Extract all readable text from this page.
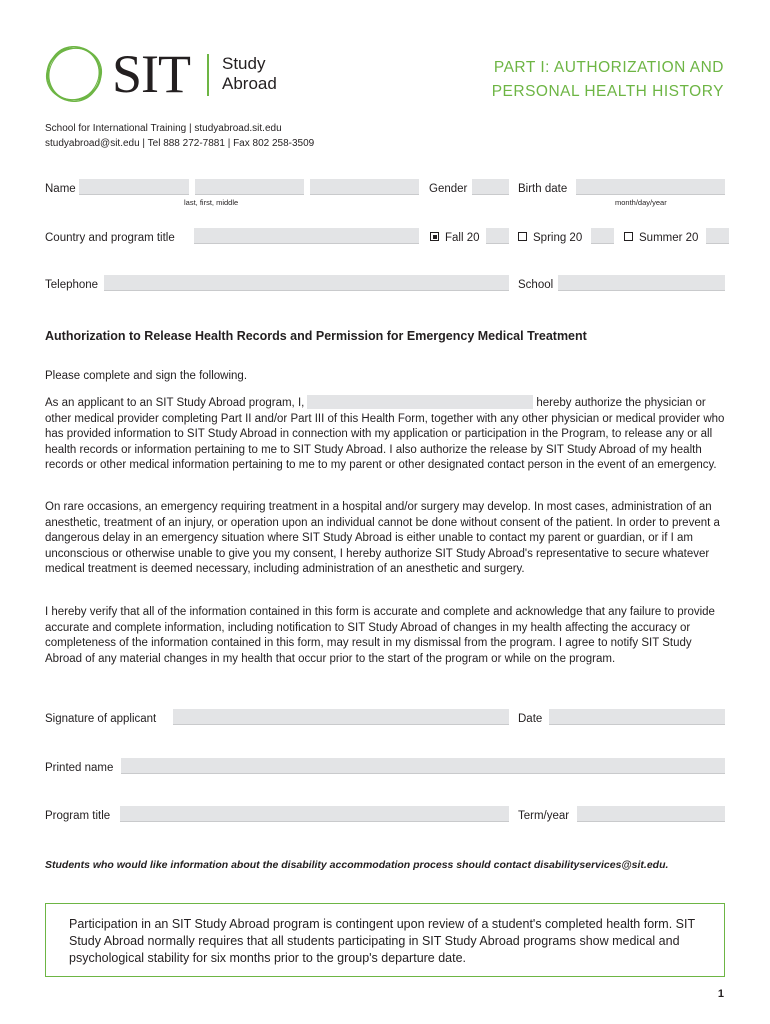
SIT Study
Abroad
PART I: AUTHORIZATION AND
PERSONAL HEALTH HISTORY
School for International Training | studyabroad.sit.edu
studyabroad@sit.edu | Tel 888 272-7881 | Fax 802 258-3509
Name
last, first, middle
Gender	Birth date
month/day/year
Country and program title	Fall 20	Spring 20	Summer 20
Telephone	School
Authorization to Release Health Records and Permission for Emergency Medical Treatment
Please complete and sign the following.
As an applicant to an SIT Study Abroad program, I,	hereby authorize the physician or other medical provider completing Part II and/or Part III of this Health Form, together with any other physician or medical provider who has provided information to SIT Study Abroad in connection with my application or participation in the Program, to release any or all health records or information pertaining to me to SIT Study Abroad. I also authorize the release by SIT Study Abroad of my health records or other medical information pertaining to me to my parent or other designated contact person in the event of an emergency.
On rare occasions, an emergency requiring treatment in a hospital and/or surgery may develop. In most cases, administration of an anesthetic, treatment of an injury, or operation upon an individual cannot be done without consent of the patient. In order to prevent a dangerous delay in an emergency situation where SIT Study Abroad is either unable to contact my parent or guardian, or if I am unconscious or otherwise unable to give you my consent, I hereby authorize SIT Study Abroad's representative to secure whatever medical treatment is deemed necessary, including administration of an anesthetic and surgery.
I hereby verify that all of the information contained in this form is accurate and complete and acknowledge that any failure to provide accurate and complete information, including notification to SIT Study Abroad of changes in my health affecting the accuracy or completeness of the information contained in this form, may result in my dismissal from the program. I agree to notify SIT Study Abroad of any material changes in my health that occur prior to the start of the program or while on the program.
Signature of applicant	Date
Printed name
Program title	Term/year
Students who would like information about the disability accommodation process should contact disabilityservices@sit.edu.
Participation in an SIT Study Abroad program is contingent upon review of a student's completed health form. SIT Study Abroad normally requires that all students participating in SIT Study Abroad programs show medical and psychological stability for six months prior to the group's departure date.
1
